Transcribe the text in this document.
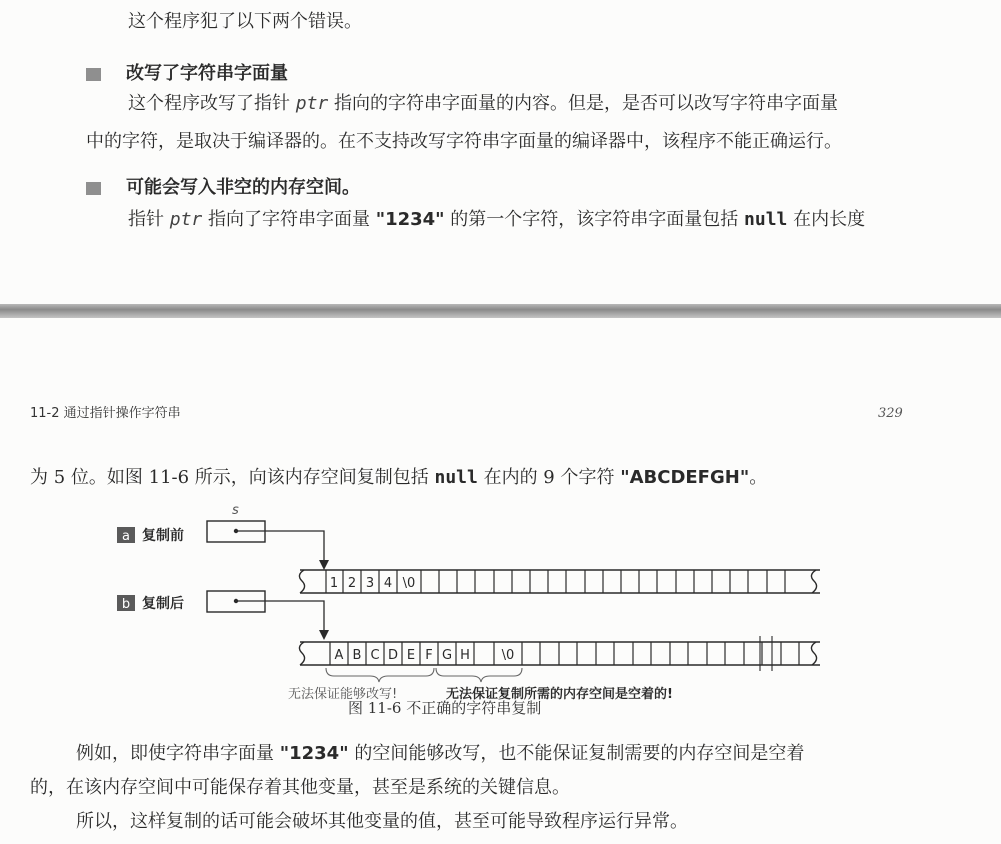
这个程序犯了以下两个错误。
改写了字符串字面量
这个程序改写了指针 ptr 指向的字符串字面量的内容。但是，是否可以改写字符串字面量
中的字符，是取决于编译器的。在不支持改写字符串字面量的编译器中，该程序不能正确运行。
可能会写入非空的内存空间。
指针 ptr 指向了字符串字面量 "1234" 的第一个字符，该字符串字面量包括 null 在内长度
11-2 通过指针操作字符串	329
为 5 位。如图 11-6 所示，向该内存空间复制包括 null 在内的 9 个字符 "ABCDEFGH"。
a 复制前
s
1 2 3 4 \0
b 复制后
A B C D E F G H \0
无法保证能够改写!	无法保证复制所需的内存空间是空着的!
图 11-6 不正确的字符串复制
例如，即使字符串字面量 "1234" 的空间能够改写，也不能保证复制需要的内存空间是空着
的，在该内存空间中可能保存着其他变量，甚至是系统的关键信息。
所以，这样复制的话可能会破坏其他变量的值，甚至可能导致程序运行异常。
